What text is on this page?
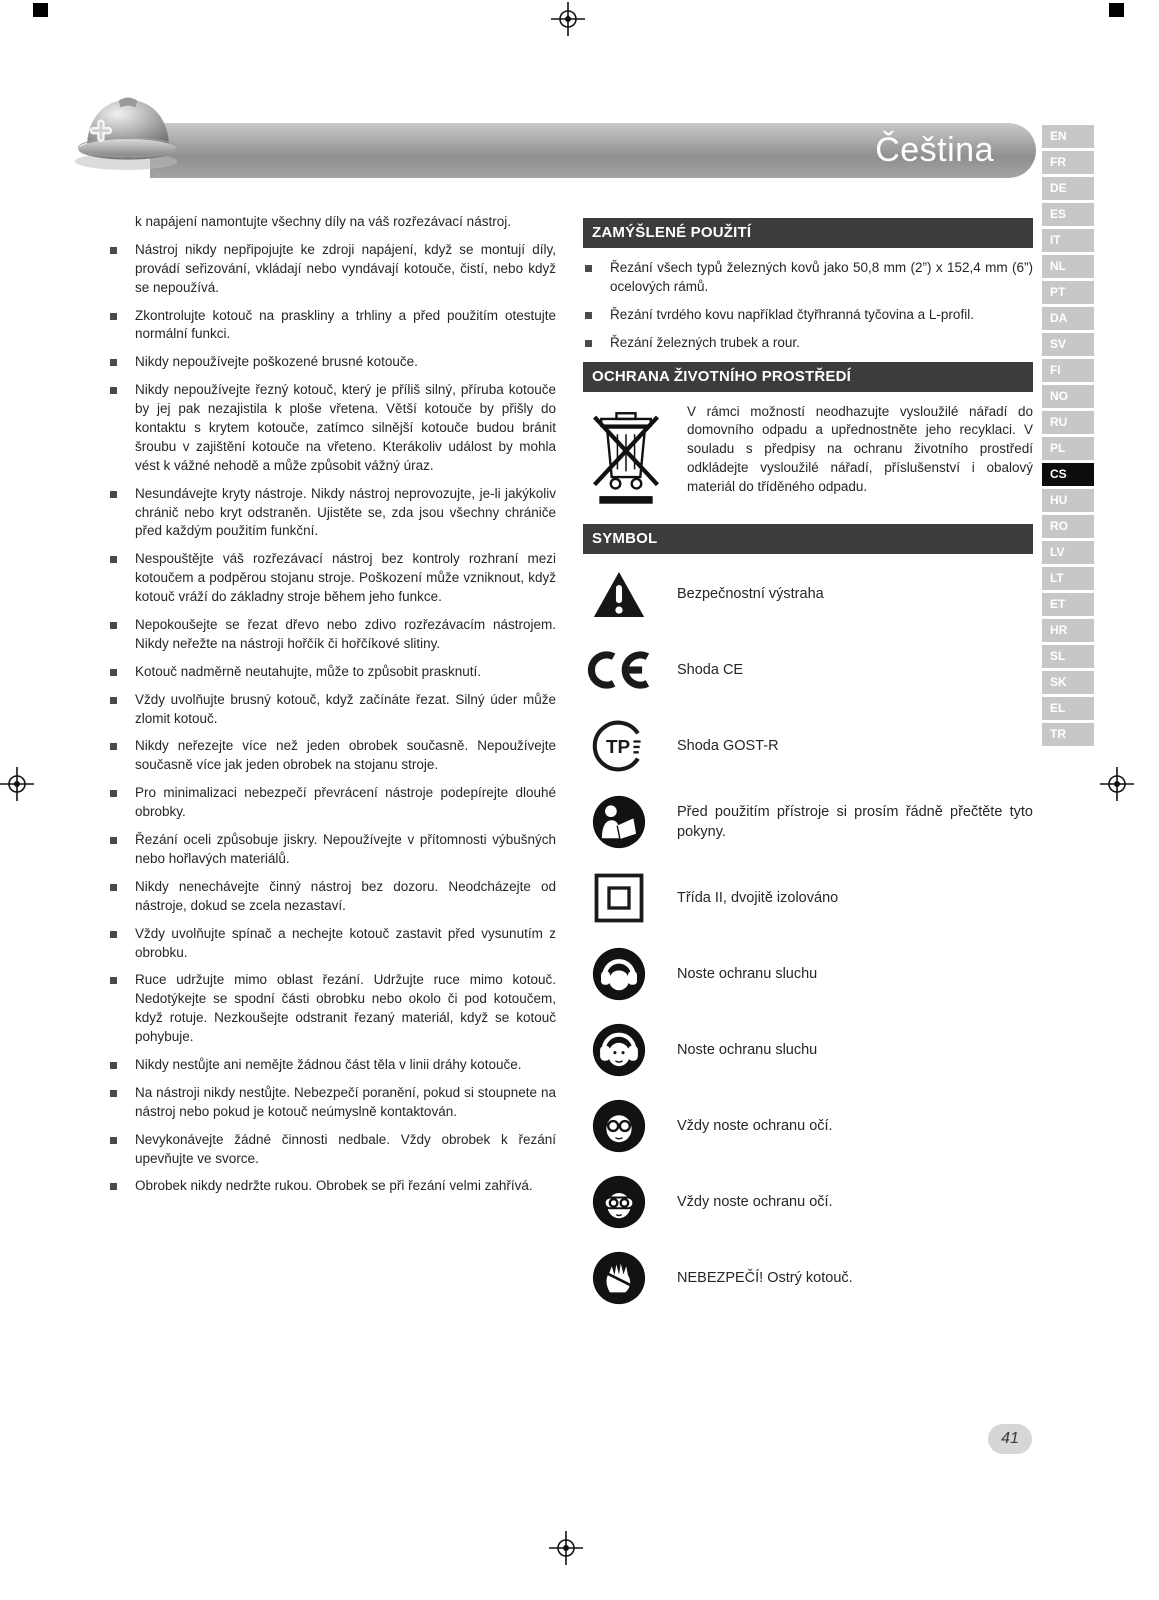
Čeština	EN
FR
DE
ES
IT
NL
PT
DA
SV
FI
NO
RU
PL
CS
HU
RO
LV
LT
ET
HR
SL
SK
EL
TR

k napájení namontujte všechny díly na váš rozřezávací nástroj.

Nástroj nikdy nepřipojujte ke zdroji napájení, když se montují díly, provádí seřizování, vkládají nebo vyndávají kotouče, čistí, nebo když se nepoužívá.
Zkontrolujte kotouč na praskliny a trhliny a před použitím otestujte normální funkci.
Nikdy nepoužívejte poškozené brusné kotouče.
Nikdy nepoužívejte řezný kotouč, který je příliš silný, příruba kotouče by jej pak nezajistila k ploše vřetena. Větší kotouče by přišly do kontaktu s krytem kotouče, zatímco silnější kotouče budou bránit šroubu v zajištění kotouče na vřeteno. Kterákoliv událost by mohla vést k vážné nehodě a může způsobit vážný úraz.
Nesundávejte kryty nástroje. Nikdy nástroj neprovozujte, je-li jakýkoliv chránič nebo kryt odstraněn. Ujistěte se, zda jsou všechny chrániče před každým použitím funkční.
Nespouštějte váš rozřezávací nástroj bez kontroly rozhraní mezi kotoučem a podpěrou stojanu stroje. Poškození může vzniknout, když kotouč vráží do základny stroje během jeho funkce.
Nepokoušejte se řezat dřevo nebo zdivo rozřezávacím nástrojem. Nikdy neřežte na nástroji hořčík či hořčíkové slitiny.
Kotouč nadměrně neutahujte, může to způsobit prasknutí.
Vždy uvolňujte brusný kotouč, když začínáte řezat. Silný úder může zlomit kotouč.
Nikdy neřezejte více než jeden obrobek současně. Nepoužívejte současně více jak jeden obrobek na stojanu stroje.
Pro minimalizaci nebezpečí převrácení nástroje podepírejte dlouhé obrobky.
Řezání oceli způsobuje jiskry. Nepoužívejte v přítomnosti výbušných nebo hořlavých materiálů.
Nikdy nenechávejte činný nástroj bez dozoru. Neodcházejte od nástroje, dokud se zcela nezastaví.
Vždy uvolňujte spínač a nechejte kotouč zastavit před vysunutím z obrobku.
Ruce udržujte mimo oblast řezání. Udržujte ruce mimo kotouč. Nedotýkejte se spodní části obrobku nebo okolo či pod kotoučem, když rotuje. Nezkoušejte odstranit řezaný materiál, když se kotouč pohybuje.
Nikdy nestůjte ani nemějte žádnou část těla v linii dráhy kotouče.
Na nástroji nikdy nestůjte. Nebezpečí poranění, pokud si stoupnete na nástroj nebo pokud je kotouč neúmyslně kontaktován.
Nevykonávejte žádné činnosti nedbale. Vždy obrobek k řezání upevňujte ve svorce.
Obrobek nikdy nedržte rukou. Obrobek se při řezání velmi zahřívá.
ZAMÝŠLENÉ POUŽITÍ
Řezání všech typů železných kovů jako 50,8 mm (2”) x 152,4 mm (6”) ocelových rámů.
Řezání tvrdého kovu například čtyřhranná tyčovina a L-profil.
Řezání železných trubek a rour.
OCHRANA ŽIVOTNÍHO PROSTŘEDÍ

V rámci možností neodhazujte vysloužilé nářadí do domovního odpadu a upřednostněte jeho recyklaci. V souladu s předpisy na ochranu životního prostředí odkládejte vysloužilé nářadí, příslušenství i obalový materiál do tříděného odpadu.

SYMBOL
Bezpečnostní výstraha
Shoda CE
ТР	Shoda GOST-R
Před použitím přístroje si prosím řádně přečtěte tyto pokyny.
Třída II, dvojitě izolováno
Noste ochranu sluchu
Noste ochranu sluchu
Vždy noste ochranu očí.
Vždy noste ochranu očí.
NEBEZPEČÍ! Ostrý kotouč.
41
